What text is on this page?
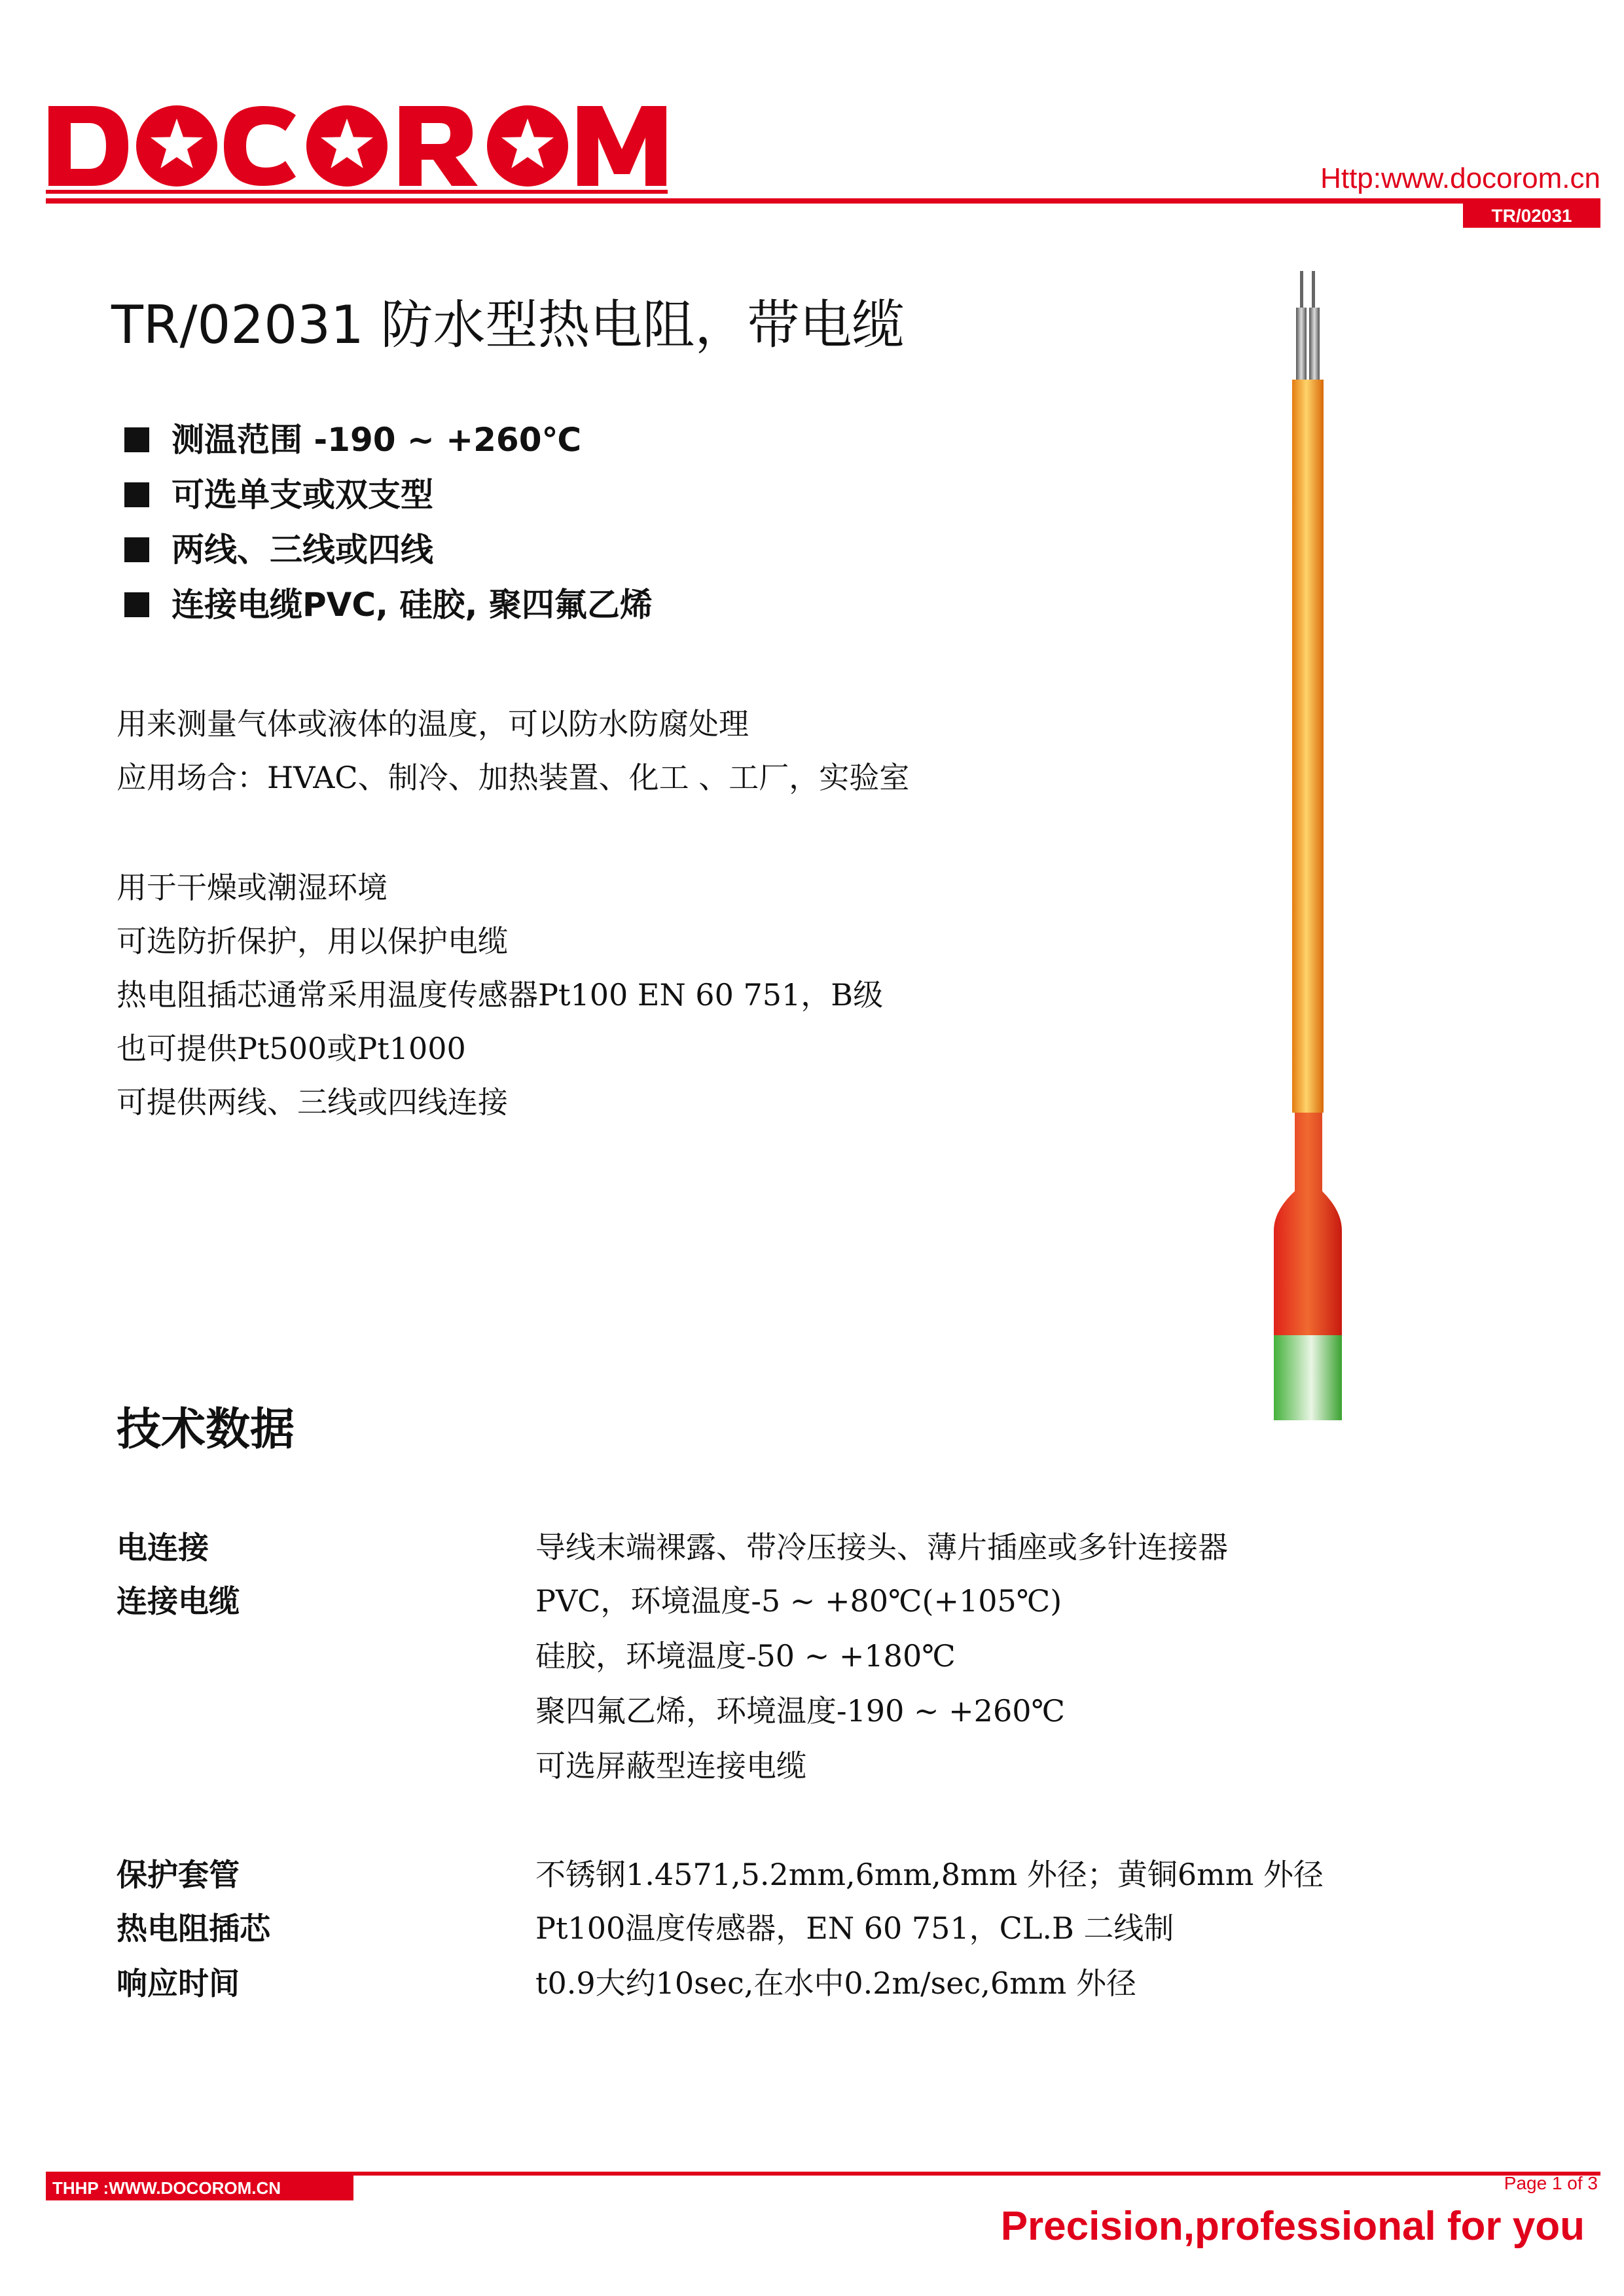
Http:www.docorom.cn
TR/02031
TR/02031 防水型热电阻，带电缆
测温范围 -190 ~ +260℃
可选单支或双支型
两线、三线或四线
连接电缆PVC, 硅胶, 聚四氟乙烯
用来测量气体或液体的温度，可以防水防腐处理
应用场合：HVAC、制冷、加热装置、化工 、工厂，实验室
用于干燥或潮湿环境
可选防折保护，用以保护电缆
热电阻插芯通常采用温度传感器Pt100 EN 60 751，B级
也可提供Pt500或Pt1000
可提供两线、三线或四线连接
技术数据
电连接	导线末端裸露、带冷压接头、薄片插座或多针连接器
连接电缆	PVC，环境温度-5 ~ +80℃(+105℃)
硅胶，环境温度-50 ~ +180℃
聚四氟乙烯，环境温度-190 ~ +260℃
可选屏蔽型连接电缆
保护套管	不锈钢1.4571,5.2mm,6mm,8mm 外径；黄铜6mm 外径
热电阻插芯	Pt100温度传感器，EN 60 751，CL.B 二线制
响应时间	t0.9大约10sec,在水中0.2m/sec,6mm 外径
THHP :WWW.DOCOROM.CN	Page 1 of 3
Precision,professional for you
